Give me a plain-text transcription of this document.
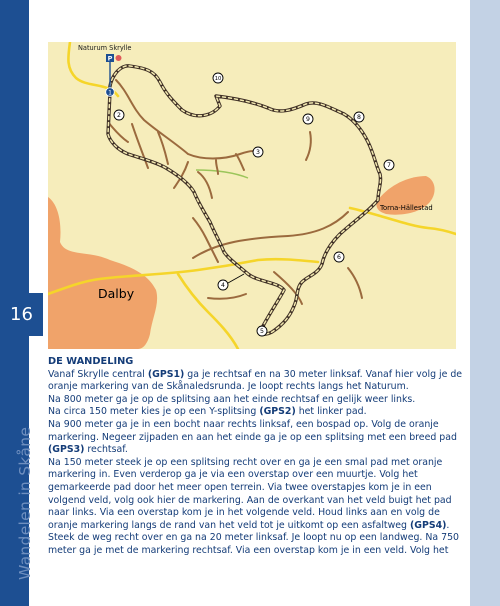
Wandelen in Skåne
16
P
Naturum Skrylle
1
2
3
4
5
6
7
8
9
10
Torna-Hällestad
Dalby
DE WANDELING
Vanaf Skrylle central (GPS1) ga je rechtsaf en na 30 meter linksaf. Vanaf hier volg je de oranje markering van de Skånaledsrunda. Je loopt rechts langs het Naturum.
Na 800 meter ga je op de splitsing aan het einde rechtsaf en gelijk weer links.
Na circa 150 meter kies je op een Y-splitsing (GPS2) het linker pad.
Na 900 meter ga je in een bocht naar rechts linksaf, een bospad op. Volg de oranje markering. Negeer zijpaden en aan het einde ga je op een splitsing met een breed pad (GPS3) rechtsaf.
Na 150 meter steek je op een splitsing recht over en ga je een smal pad met oranje markering in. Even verderop ga je via een overstap over een muurtje. Volg het gemarkeerde pad door het meer open terrein. Via twee overstapjes kom je in een volgend veld, volg ook hier de markering. Aan de overkant van het veld buigt het pad naar links. Via een overstap kom je in het volgende veld. Houd links aan en volg de oranje markering langs de rand van het veld tot je uitkomt op een asfaltweg (GPS4).
Steek de weg recht over en ga na 20 meter linksaf. Je loopt nu op een landweg. Na 750 meter ga je met de markering rechtsaf. Via een overstap kom je in een veld. Volg het
